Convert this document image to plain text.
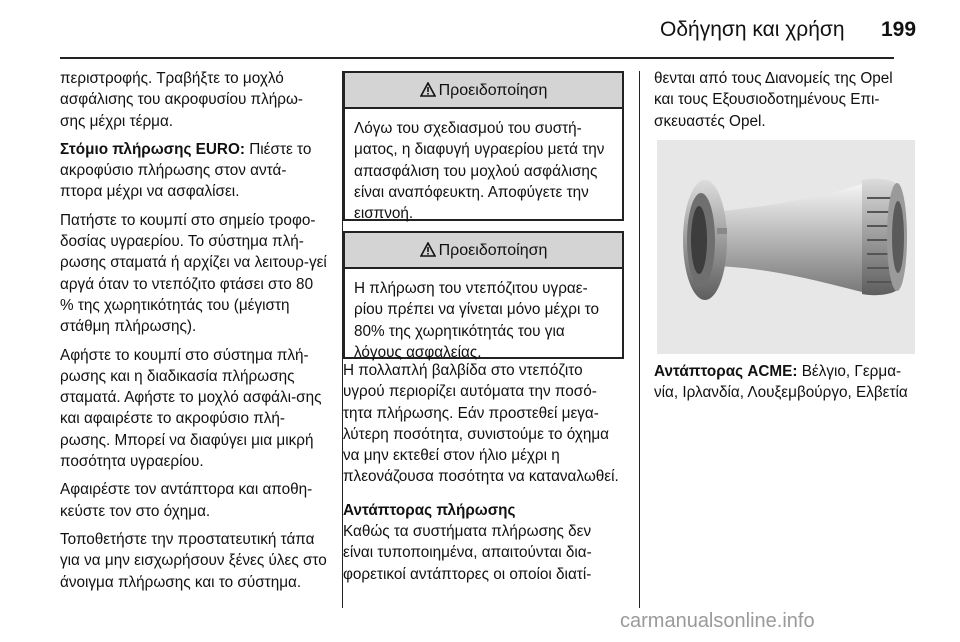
Οδήγηση και χρήση 199

περιστροφής. Τραβήξτε το μοχλό ασφάλισης του ακροφυσίου πλήρω-σης μέχρι τέρμα.

Στόμιο πλήρωσης EURO: Πιέστε το ακροφύσιο πλήρωσης στον αντά-πτορα μέχρι να ασφαλίσει.

Πατήστε το κουμπί στο σημείο τροφο-δοσίας υγραερίου. Το σύστημα πλή-ρωσης σταματά ή αρχίζει να λειτουρ-γεί αργά όταν το ντεπόζιτο φτάσει στο 80 % της χωρητικότητάς του (μέγιστη στάθμη πλήρωσης).

Αφήστε το κουμπί στο σύστημα πλή-ρωσης και η διαδικασία πλήρωσης σταματά. Αφήστε το μοχλό ασφάλι-σης και αφαιρέστε το ακροφύσιο πλή-ρωσης. Μπορεί να διαφύγει μια μικρή ποσότητα υγραερίου.

Αφαιρέστε τον αντάπτορα και αποθη-κεύστε τον στο όχημα.

Τοποθετήστε την προστατευτική τάπα για να μην εισχωρήσουν ξένες ύλες στο άνοιγμα πλήρωσης και το σύστημα.

Προειδοποίηση
Λόγω του σχεδιασμού του συστή-ματος, η διαφυγή υγραερίου μετά την απασφάλιση του μοχλού ασφάλισης είναι αναπόφευκτη. Αποφύγετε την εισπνοή.
Προειδοποίηση
Η πλήρωση του ντεπόζιτου υγραε-ρίου πρέπει να γίνεται μόνο μέχρι το 80% της χωρητικότητάς του για λόγους ασφαλείας.

Η πολλαπλή βαλβίδα στο ντεπόζιτο υγρού περιορίζει αυτόματα την ποσό-τητα πλήρωσης. Εάν προστεθεί μεγα-λύτερη ποσότητα, συνιστούμε το όχημα να μην εκτεθεί στον ήλιο μέχρι η πλεονάζουσα ποσότητα να καταναλωθεί.

Αντάπτορας πλήρωσης

Καθώς τα συστήματα πλήρωσης δεν είναι τυποποιημένα, απαιτούνται δια-φορετικοί αντάπτορες οι οποίοι διατί-

θενται από τους Διανομείς της Opel και τους Εξουσιοδοτημένους Επι-σκευαστές Opel.

Αντάπτορας ACME: Βέλγιο, Γερμα-νία, Ιρλανδία, Λουξεμβούργο, Ελβετία

carmanualsonline.info
